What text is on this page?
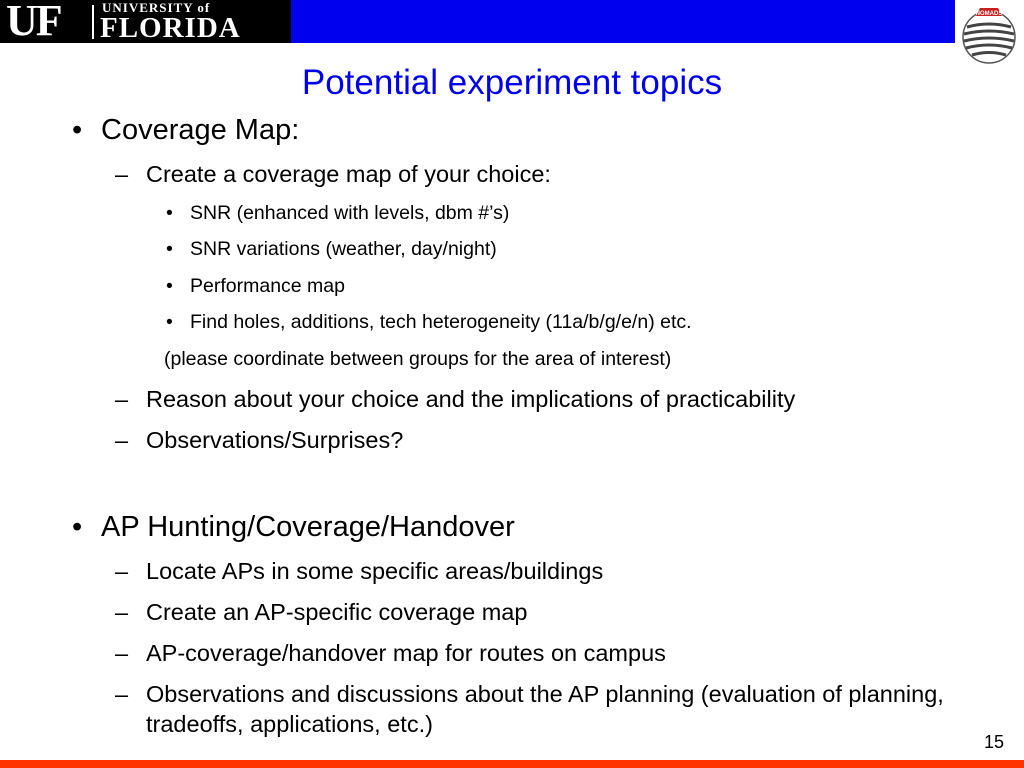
UF	UNIVERSITY of
FLORIDA	NOMADS
Potential experiment topics
• Coverage Map:
– Create a coverage map of your choice:
• SNR (enhanced with levels, dbm #’s)
• SNR variations (weather, day/night)
• Performance map
• Find holes, additions, tech heterogeneity (11a/b/g/e/n) etc.
(please coordinate between groups for the area of interest)
– Reason about your choice and the implications of practicability
– Observations/Surprises?
• AP Hunting/Coverage/Handover
– Locate APs in some specific areas/buildings
– Create an AP-specific coverage map
– AP-coverage/handover map for routes on campus
– Observations and discussions about the AP planning (evaluation of planning, tradeoffs, applications, etc.)
15
